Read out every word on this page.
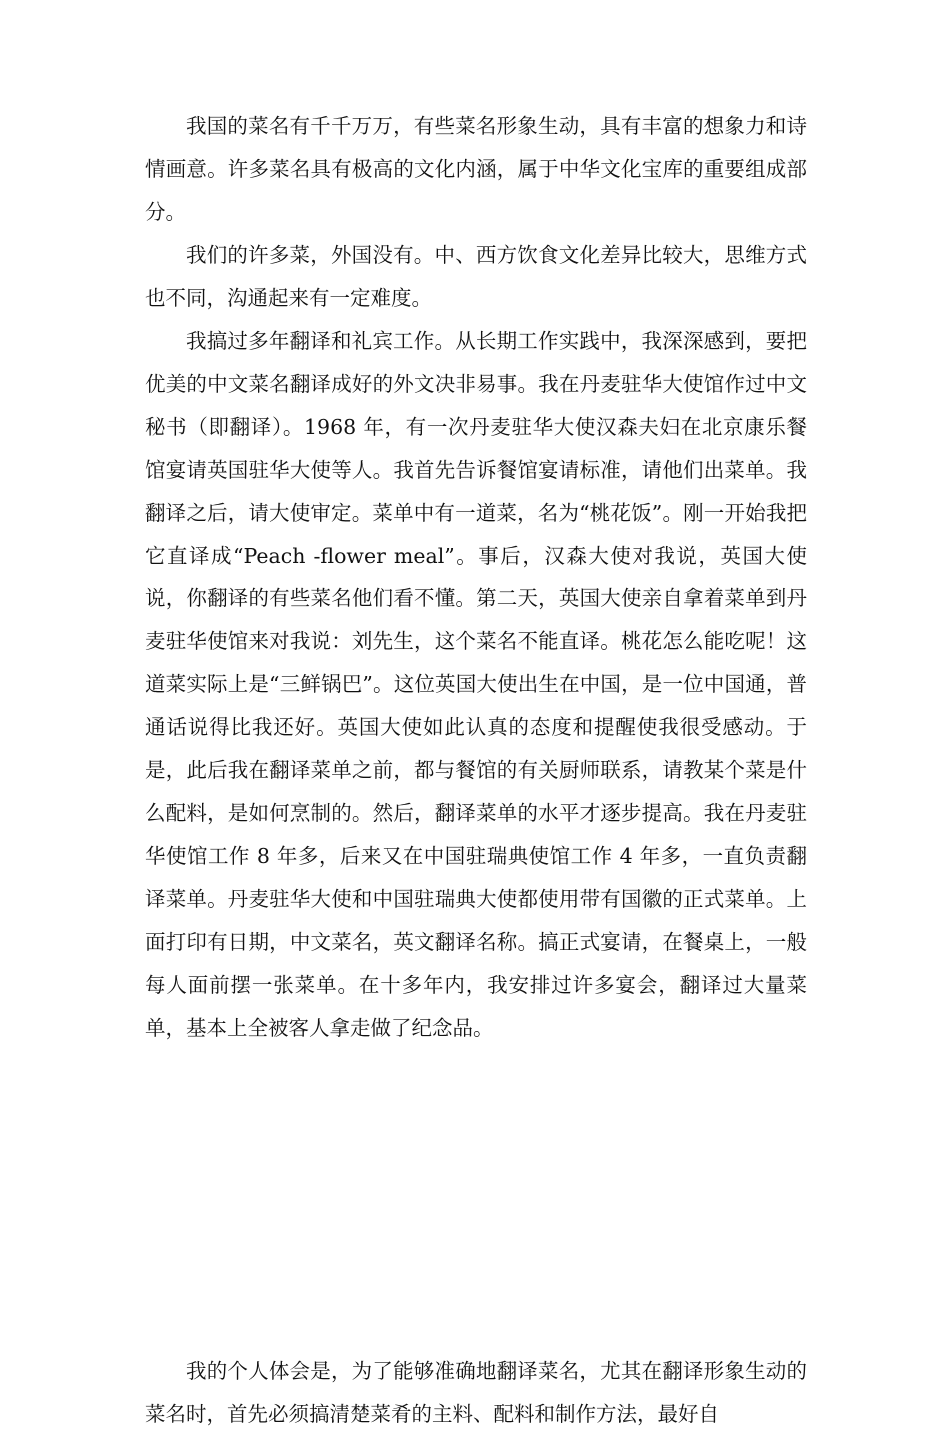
我国的菜名有千千万万，有些菜名形象生动，具有丰富的想象力和诗情画意。许多菜名具有极高的文化内涵，属于中华文化宝库的重要组成部分。

我们的许多菜，外国没有。中、西方饮食文化差异比较大，思维方式也不同，沟通起来有一定难度。

我搞过多年翻译和礼宾工作。从长期工作实践中，我深深感到，要把优美的中文菜名翻译成好的外文决非易事。我在丹麦驻华大使馆作过中文秘书（即翻译）。1968 年，有一次丹麦驻华大使汉森夫妇在北京康乐餐馆宴请英国驻华大使等人。我首先告诉餐馆宴请标准，请他们出菜单。我翻译之后，请大使审定。菜单中有一道菜，名为“桃花饭”。刚一开始我把它直译成“Peach -flower meal”。事后，汉森大使对我说，英国大使说，你翻译的有些菜名他们看不懂。第二天，英国大使亲自拿着菜单到丹麦驻华使馆来对我说：刘先生，这个菜名不能直译。桃花怎么能吃呢！这道菜实际上是“三鲜锅巴”。这位英国大使出生在中国，是一位中国通，普通话说得比我还好。英国大使如此认真的态度和提醒使我很受感动。于是，此后我在翻译菜单之前，都与餐馆的有关厨师联系，请教某个菜是什么配料，是如何烹制的。然后，翻译菜单的水平才逐步提高。我在丹麦驻华使馆工作 8 年多，后来又在中国驻瑞典使馆工作 4 年多，一直负责翻译菜单。丹麦驻华大使和中国驻瑞典大使都使用带有国徽的正式菜单。上面打印有日期，中文菜名，英文翻译名称。搞正式宴请，在餐桌上，一般每人面前摆一张菜单。在十多年内，我安排过许多宴会，翻译过大量菜单，基本上全被客人拿走做了纪念品。

我的个人体会是，为了能够准确地翻译菜名，尤其在翻译形象生动的菜名时，首先必须搞清楚菜肴的主料、配料和制作方法，最好自
